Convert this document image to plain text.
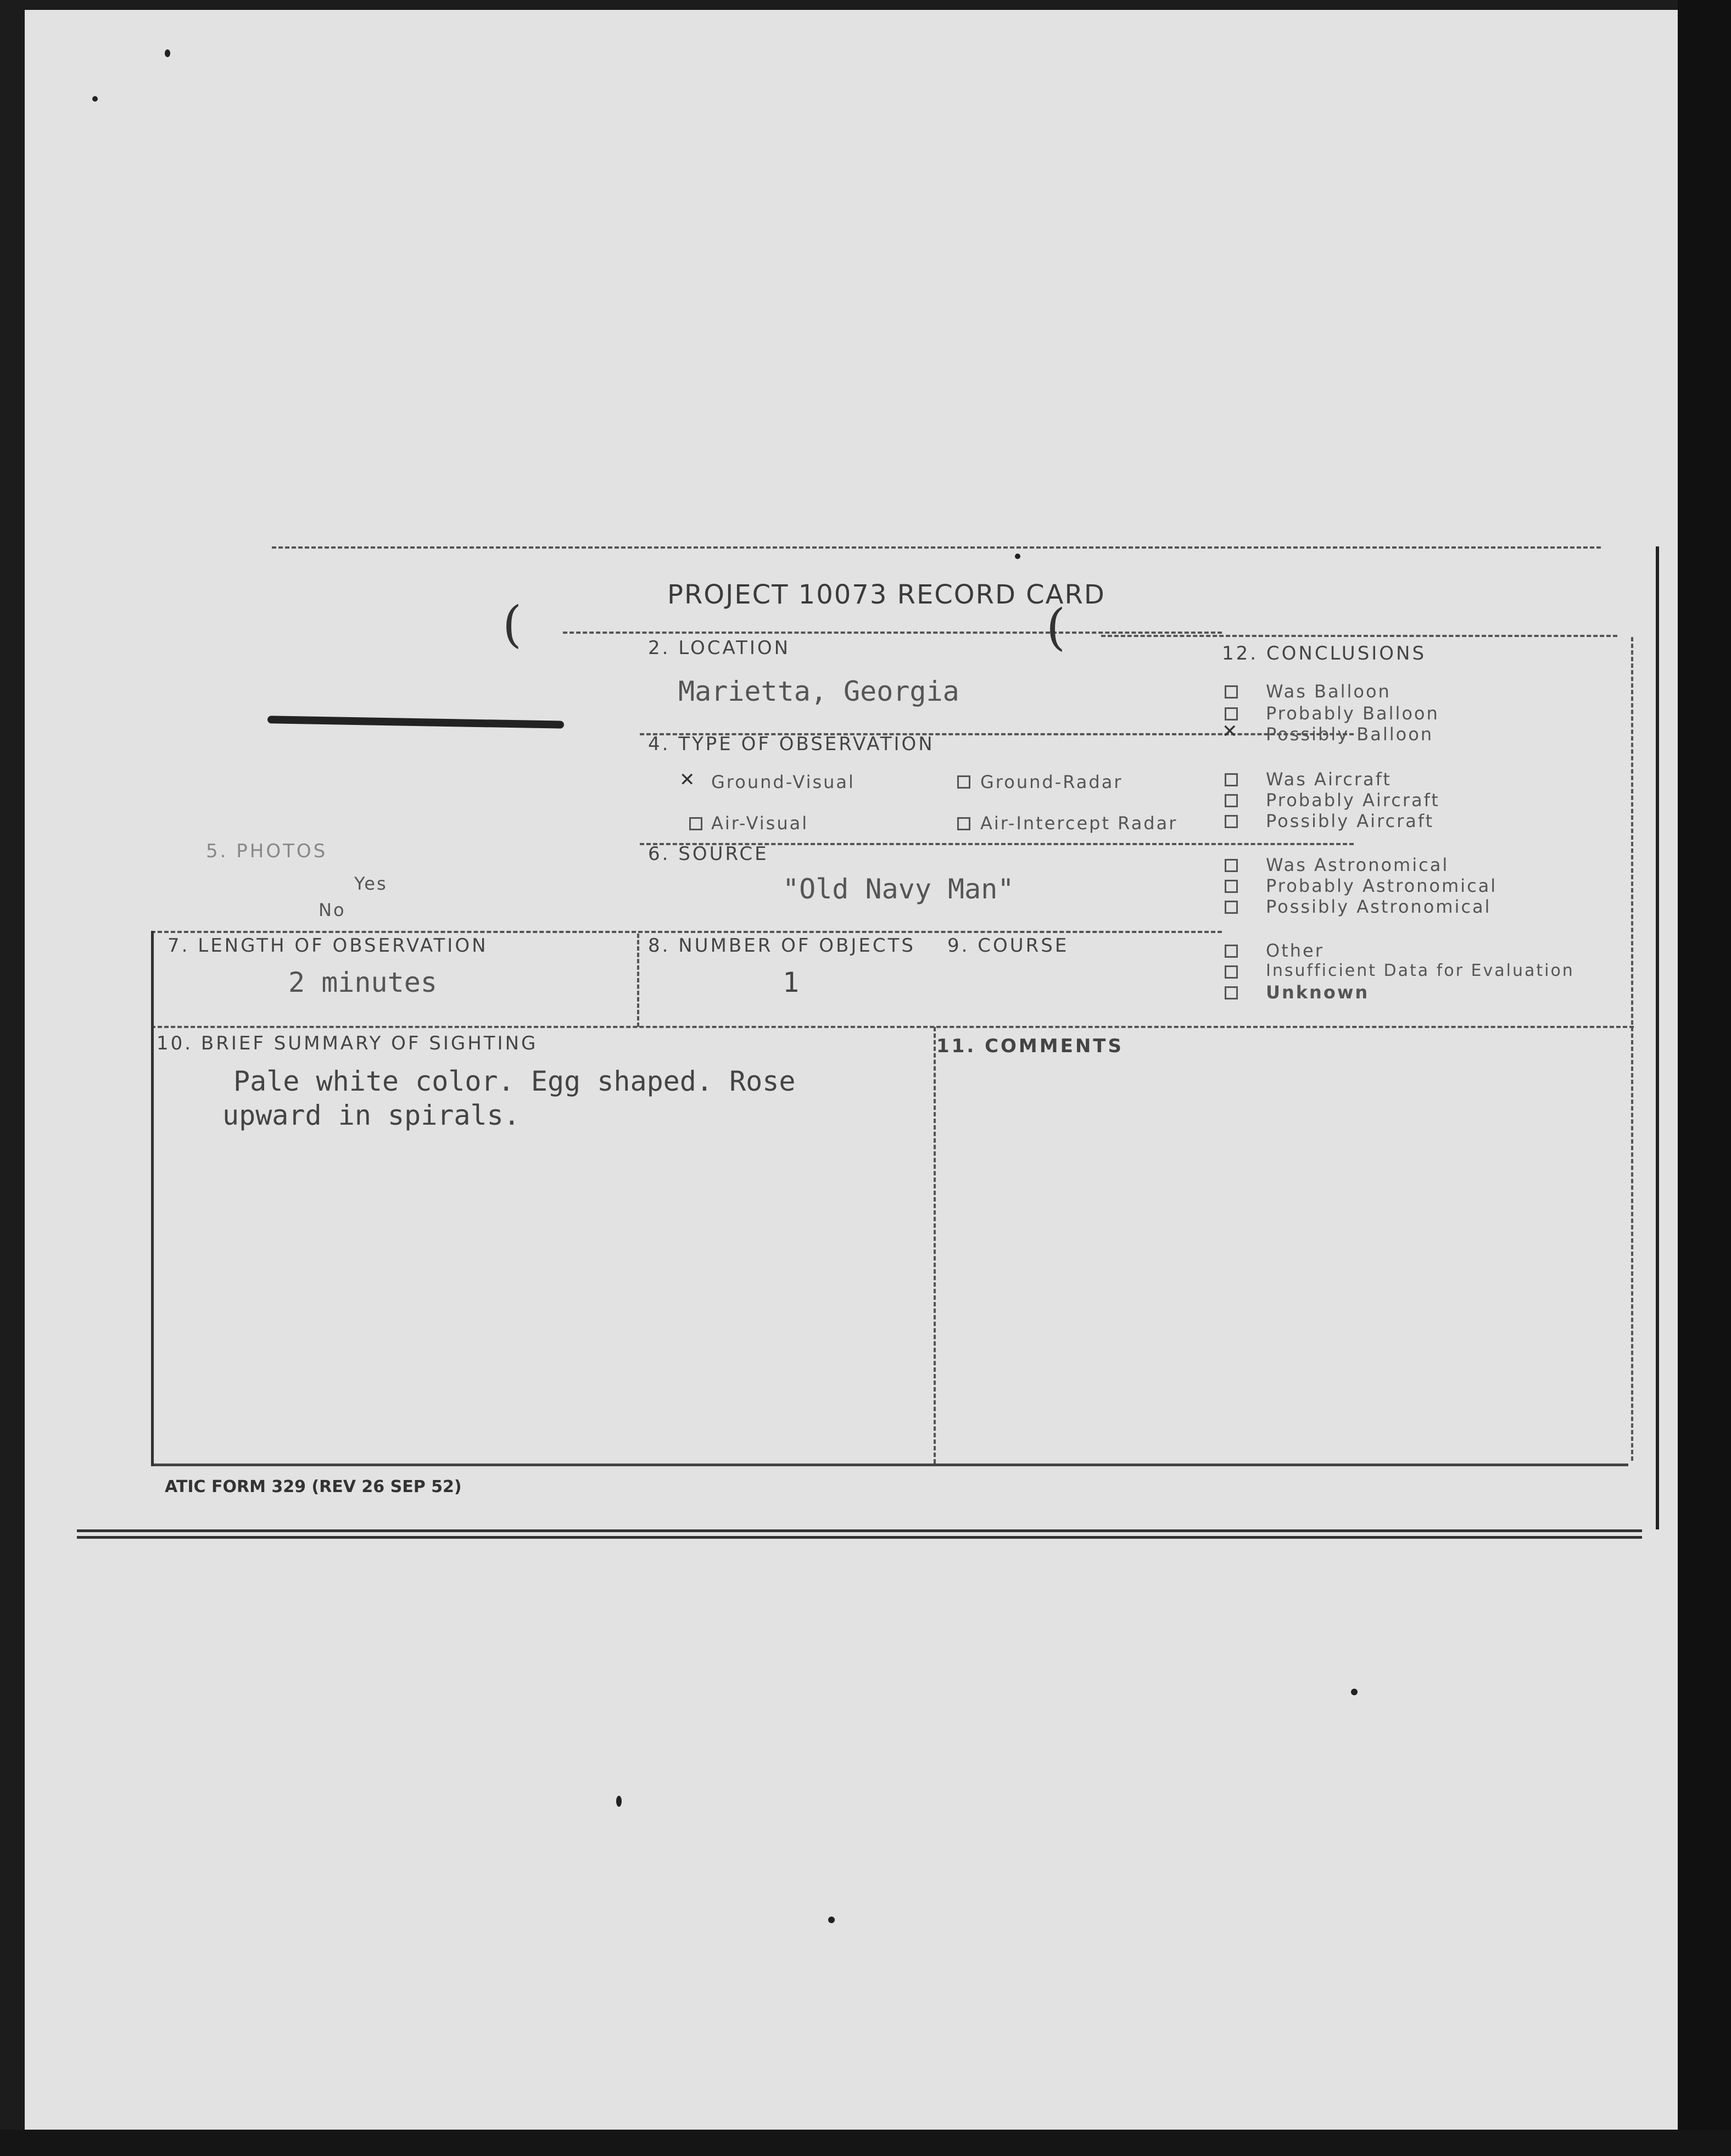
PROJECT 10073 RECORD CARD
(	(
5. PHOTOS
Yes
No
2. LOCATION
Marietta, Georgia
4. TYPE OF OBSERVATION
✕ Ground-Visual	Ground-Radar
Air-Visual	Air-Intercept Radar
6. SOURCE
"Old Navy Man"
7. LENGTH OF OBSERVATION
2 minutes
8. NUMBER OF OBJECTS
1
9. COURSE
10. BRIEF SUMMARY OF SIGHTING
Pale white color. Egg shaped. Rose
upward in spirals.
11. COMMENTS
12. CONCLUSIONS
Was Balloon
Probably Balloon
✕ Possibly Balloon
Was Aircraft
Probably Aircraft
Possibly Aircraft
Was Astronomical
Probably Astronomical
Possibly Astronomical
Other
Insufficient Data for Evaluation
Unknown
ATIC FORM 329 (REV 26 SEP 52)
